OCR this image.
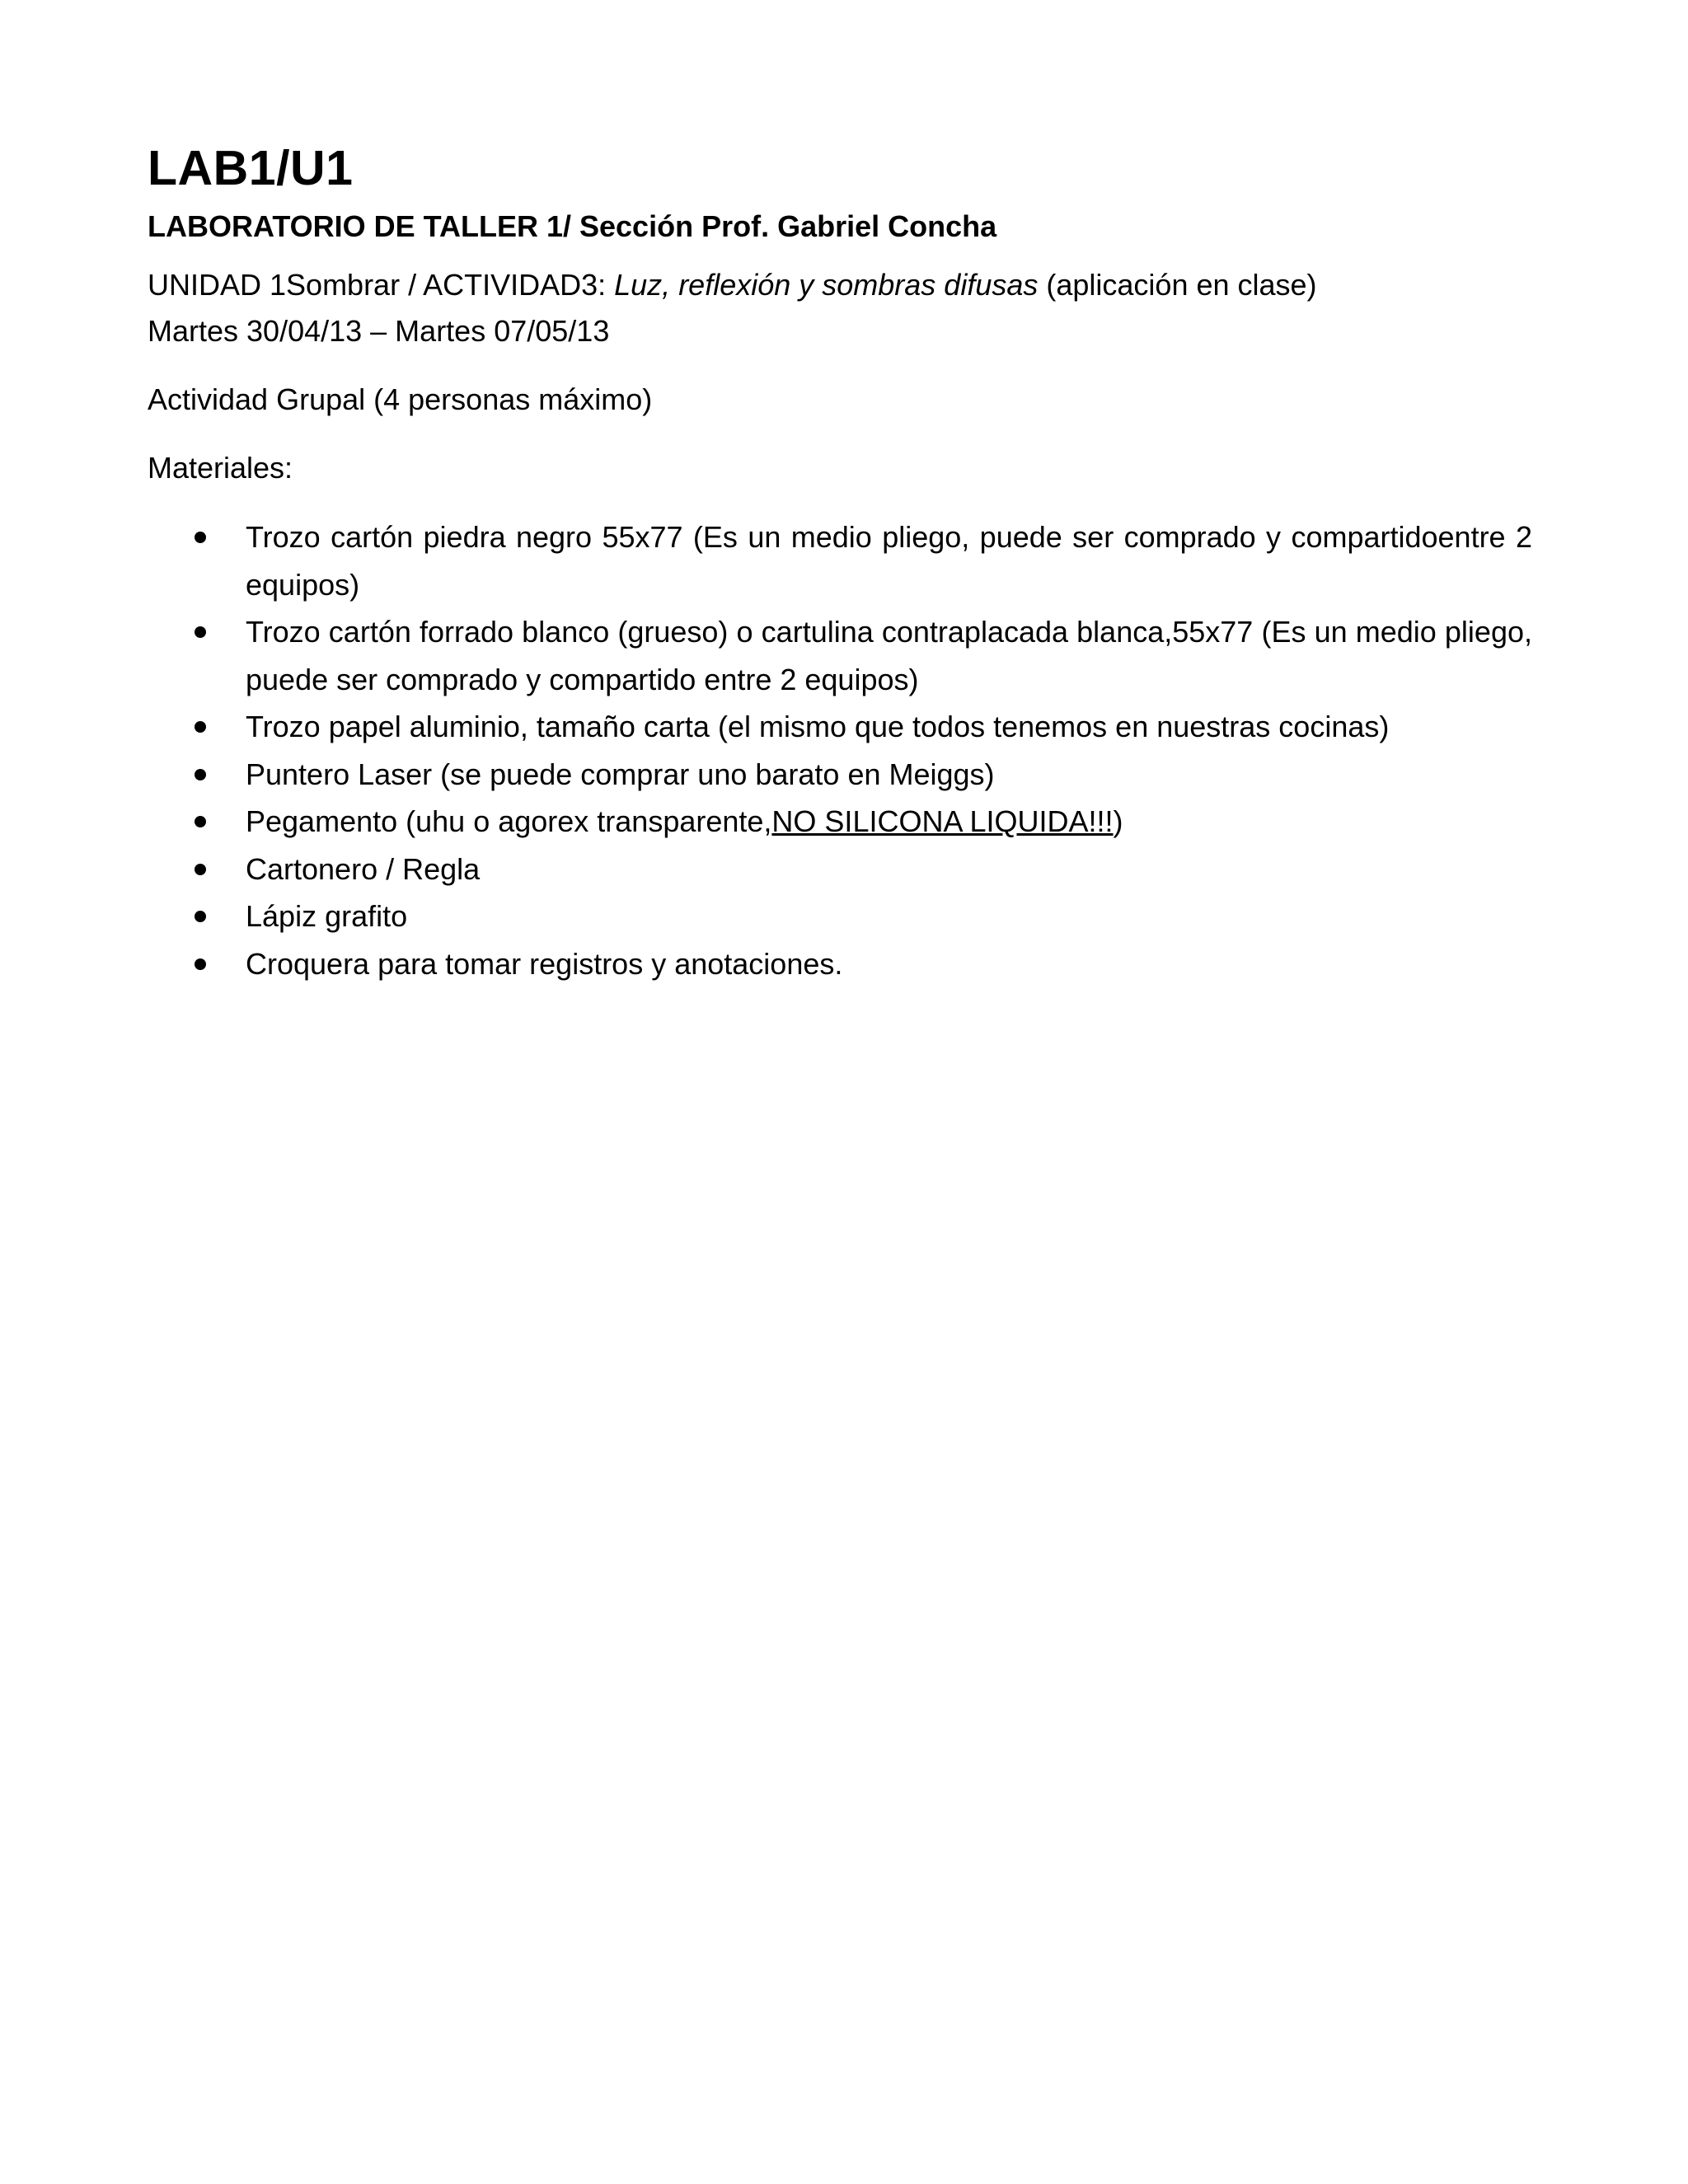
LAB1/U1
LABORATORIO DE TALLER 1/ Sección Prof. Gabriel Concha
UNIDAD 1Sombrar / ACTIVIDAD3: Luz, reflexión y sombras difusas (aplicación en clase)
Martes 30/04/13 – Martes 07/05/13
Actividad Grupal (4 personas máximo)
Materiales:
Trozo cartón piedra negro 55x77 (Es un medio pliego, puede ser comprado y compartidoentre 2 equipos)
Trozo cartón forrado blanco (grueso) o cartulina contraplacada blanca,55x77 (Es un medio pliego, puede ser comprado y compartido entre 2 equipos)
Trozo papel aluminio, tamaño carta (el mismo que todos tenemos en nuestras cocinas)
Puntero Laser (se puede comprar uno barato en Meiggs)
Pegamento (uhu o agorex transparente,NO SILICONA LIQUIDA!!!)
Cartonero / Regla
Lápiz grafito
Croquera para tomar registros y anotaciones.
